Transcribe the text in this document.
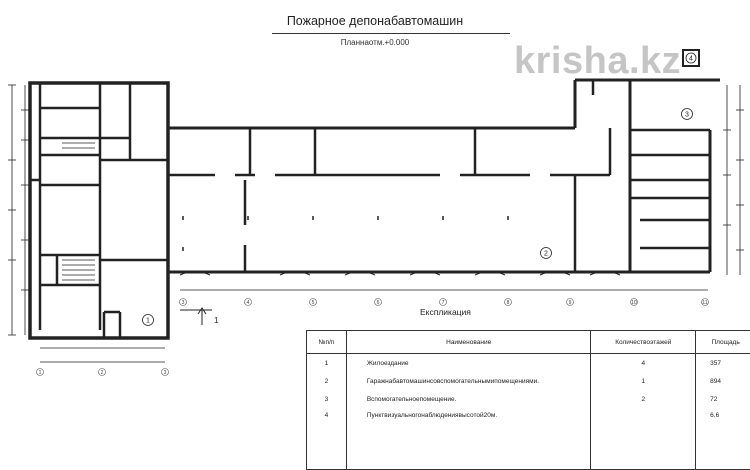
Пожарное депонабавтомашин
Планнаотм.+0.000	krisha.kz
3	4	5	6	7	8	9	10	11
1	2	3
1
2
3
4
1
Експликация
№п/п	Наименование	Количествоэтажей	Площадь
1	Жилоездание	4	357
2	Гаражнабавтомашинсовспомогательнымипомещениями.	1	894
3	Вспомогательноепомещение.	2	72
4	Пунктвизуальногонаблюдениявысотой20м.		6.6
